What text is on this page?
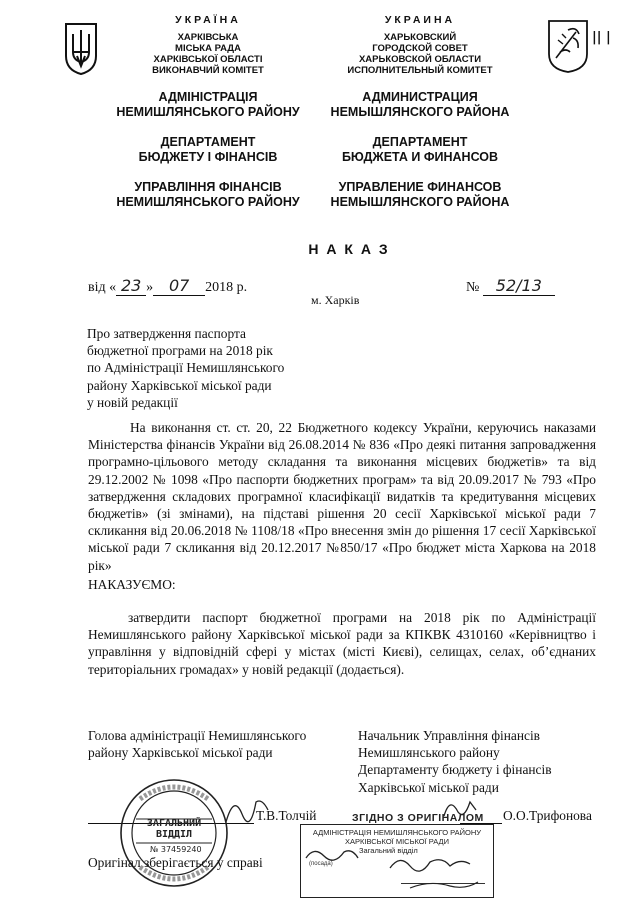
УКРАЇНА
ХАРКІВСЬКА
МІСЬКА РАДА
ХАРКІВСЬКОЇ ОБЛАСТІ
ВИКОНАВЧИЙ КОМІТЕТ
АДМІНІСТРАЦІЯ
НЕМИШЛЯНСЬКОГО РАЙОНУ
ДЕПАРТАМЕНТ
БЮДЖЕТУ І ФІНАНСІВ
УПРАВЛІННЯ ФІНАНСІВ
НЕМИШЛЯНСЬКОГО РАЙОНУ
УКРАИНА
ХАРЬКОВСКИЙ
ГОРОДСКОЙ СОВЕТ
ХАРЬКОВСКОЙ ОБЛАСТИ
ИСПОЛНИТЕЛЬНЫЙ КОМИТЕТ
АДМИНИСТРАЦИЯ
НЕМЫШЛЯНСКОГО РАЙОНА
ДЕПАРТАМЕНТ
БЮДЖЕТА И ФИНАНСОВ
УПРАВЛЕНИЕ ФИНАНСОВ
НЕМЫШЛЯНСКОГО РАЙОНА
|| |
Н А К А З
від « 23 » 07 2018 р.	№ 52/13
м. Харків
Про затвердження паспорта
бюджетної програми на 2018 рік
по Адміністрації Немишлянського
району Харківської міської ради
у новій редакції
На виконання ст. ст. 20, 22 Бюджетного кодексу України, керуючись наказами Міністерства фінансів України від 26.08.2014 № 836 «Про деякі питання запровадження програмно-цільового методу складання та виконання місцевих бюджетів» та від 29.12.2002 № 1098 «Про паспорти бюджетних програм» та від 20.09.2017 № 793 «Про затвердження складових програмної класифікації видатків та кредитування місцевих бюджетів» (зі змінами), на підставі рішення 20 сесії Харківської міської ради 7 скликання від 20.06.2018 № 1108/18 «Про внесення змін до рішення 17 сесії Харківської міської ради 7 скликання від 20.12.2017 №850/17 «Про бюджет міста Харкова на 2018 рік»
НАКАЗУЄМО:
затвердити паспорт бюджетної програми на 2018 рік по Адміністрації Немишлянського району Харківської міської ради за КПКВК 4310160 «Керівництво і управління у відповідній сфері у містах (місті Києві), селищах, селах, об’єднаних територіальних громадах» у новій редакції (додається).
Голова адміністрації Немишлянського
району Харківської міської ради
Начальник Управління фінансів
Немишлянського району
Департаменту бюджету і фінансів
Харківської міської ради
Т.В.Толчій	О.О.Трифонова
ЗАГАЛЬНИЙ
ВІДДІЛ
№ 37459240
ЗГІДНО З ОРИГІНАЛОМ
АДМІНІСТРАЦІЯ НЕМИШЛЯНСЬКОГО РАЙОНУ
ХАРКІВСЬКОЇ МІСЬКОЇ РАДИ
Загальний відділ
(посада)
Оригінал зберігається у справі
